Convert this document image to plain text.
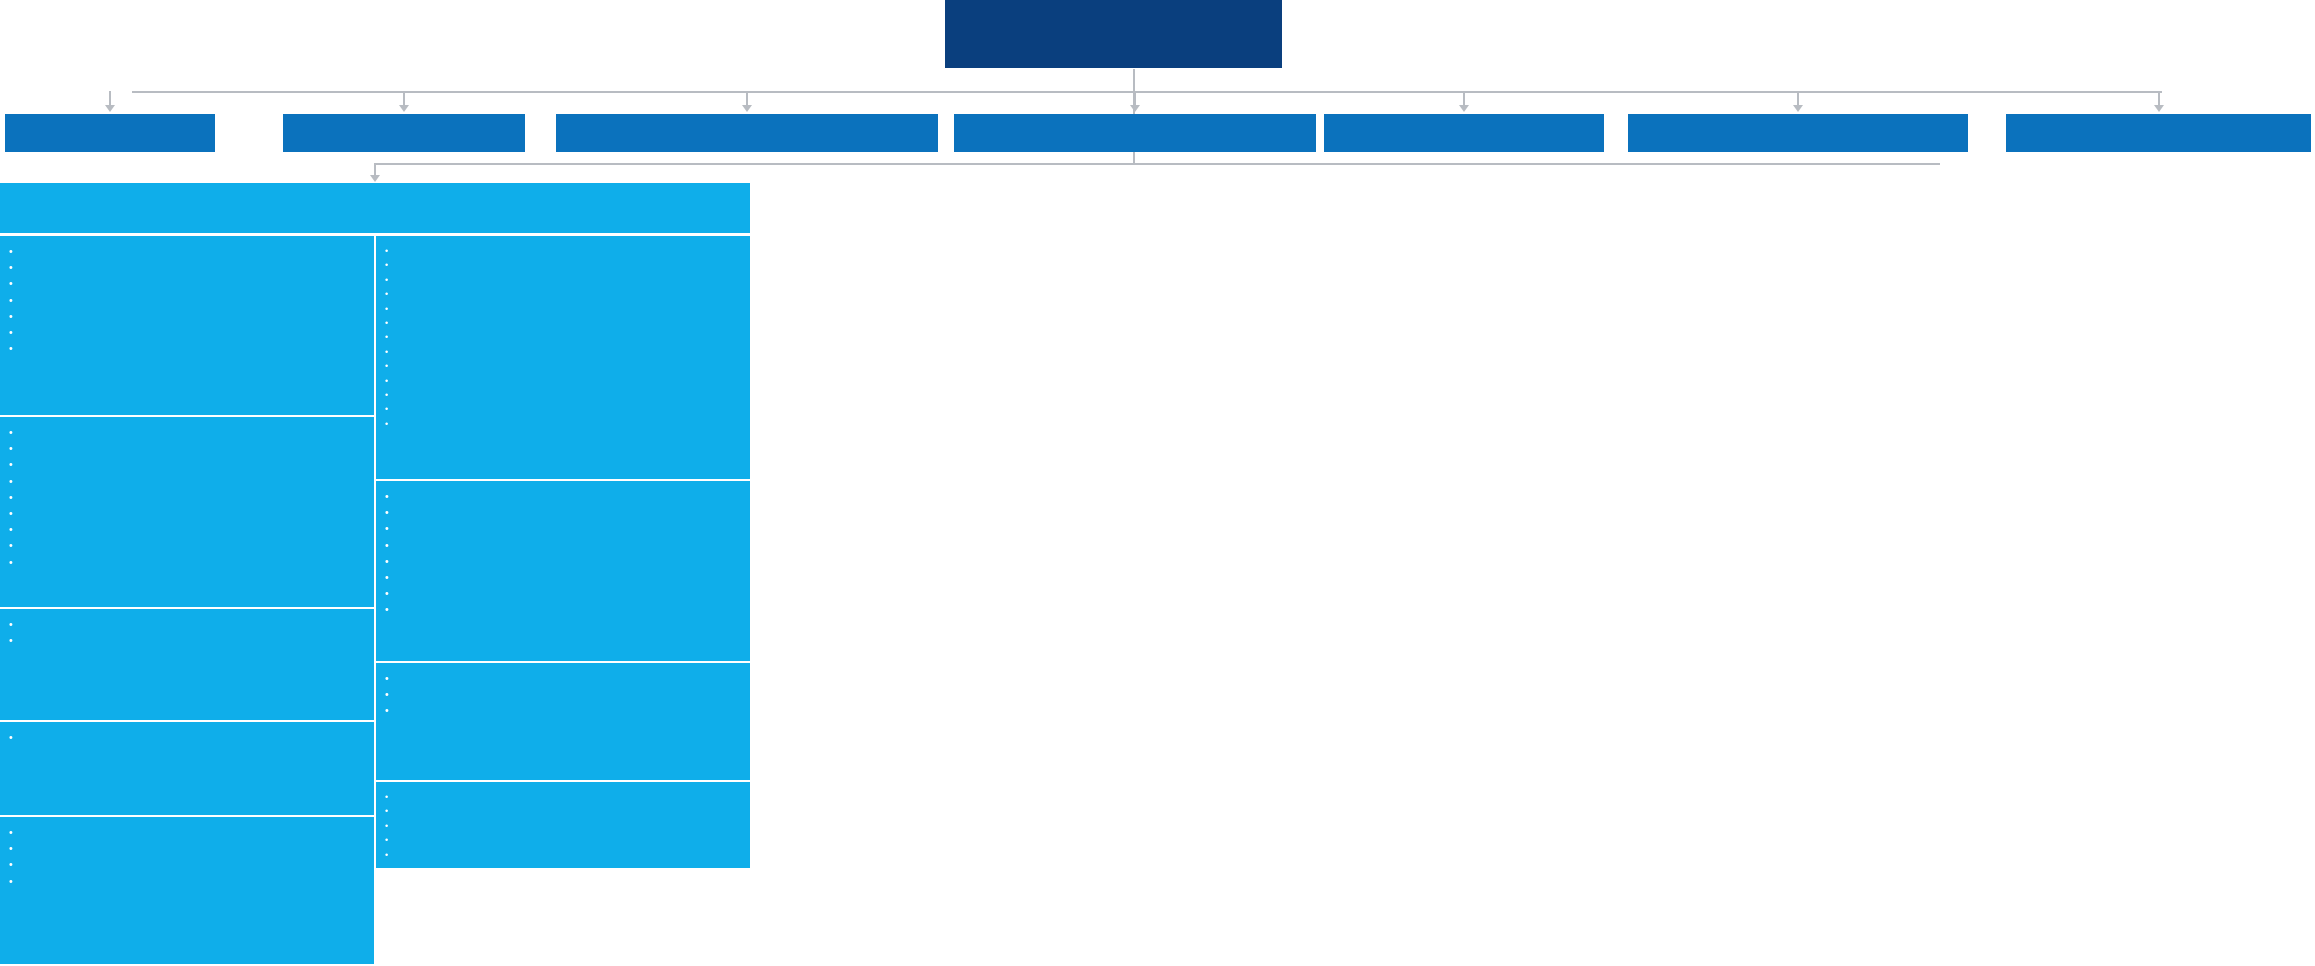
•
•
•
•
•
•
•
•
•
•
•
•
•
•
•
•
•
•
•
•
•
•
•
•
•
•
•
•
•
•
•
•
•
•
•
•
•
•
•
•
•
•
•
•
•
•
•
•
•
•
•
•
